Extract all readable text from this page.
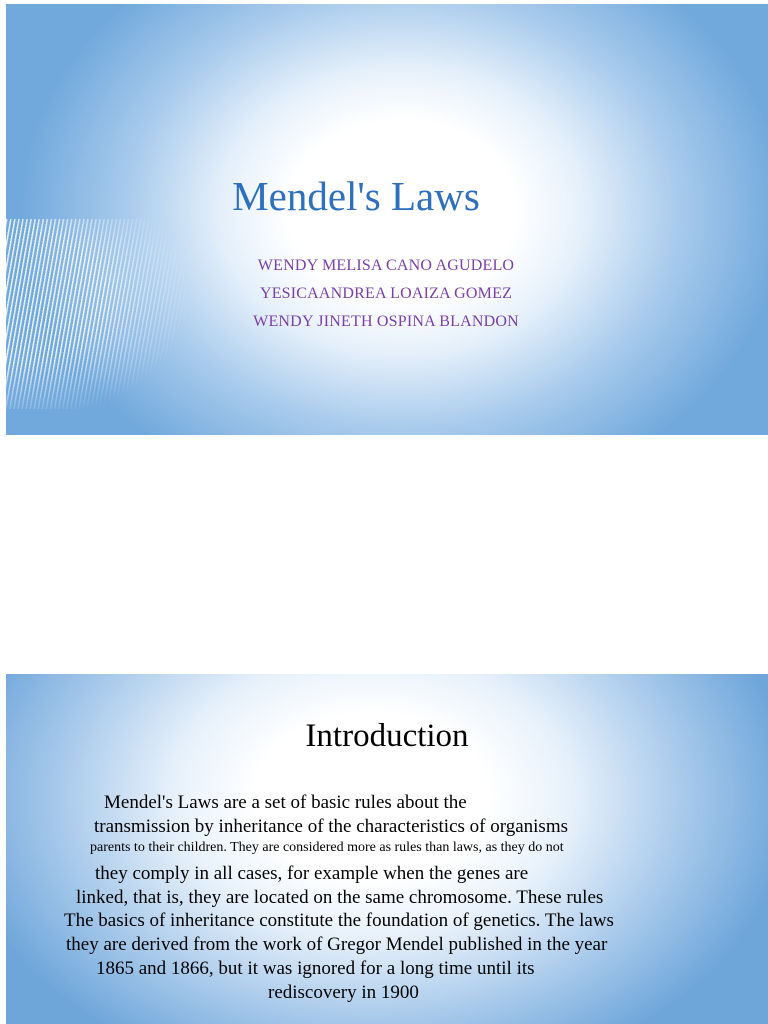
Mendel's Laws
WENDY MELISA CANO AGUDELO
YESICAANDREA LOAIZA GOMEZ
WENDY JINETH OSPINA BLANDON
Introduction
Mendel's Laws are a set of basic rules about the
transmission by inheritance of the characteristics of organisms
parents to their children. They are considered more as rules than laws, as they do not
they comply in all cases, for example when the genes are
linked, that is, they are located on the same chromosome. These rules
The basics of inheritance constitute the foundation of genetics. The laws
they are derived from the work of Gregor Mendel published in the year
1865 and 1866, but it was ignored for a long time until its
rediscovery in 1900
